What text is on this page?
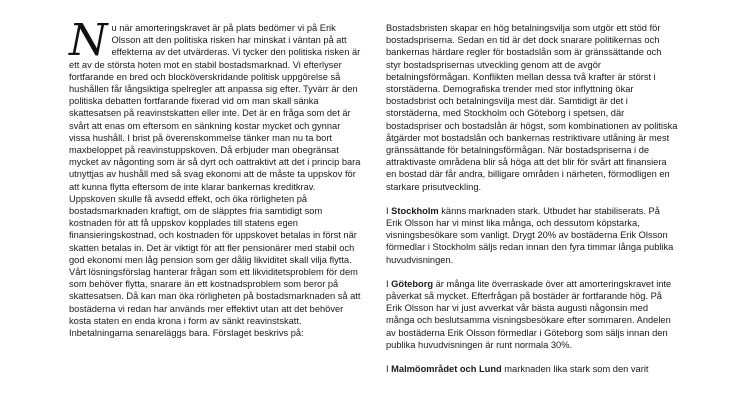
Nu när amorteringskravet är på plats bedömer vi på Erik Olsson att den politiska risken har minskat i väntan på att effekterna av det utvärderas. Vi tycker den politiska risken är ett av de största hoten mot en stabil bostadsmarknad. Vi efterlyser fortfarande en bred och blocköverskridande politisk uppgörelse så hushållen får långsiktiga spelregler att anpassa sig efter. Tyvärr är den politiska debatten fortfarande fixerad vid om man skall sänka skattesatsen på reavinstskatten eller inte. Det är en fråga som det är svårt att enas om eftersom en sänkning kostar mycket och gynnar vissa hushåll. I brist på överenskommelse tänker man nu ta bort maxbeloppet på reavinstuppskoven. Då erbjuder man obegränsat mycket av någonting som är så dyrt och oattraktivt att det i princip bara utnyttjas av hushåll med så svag ekonomi att de måste ta uppskov för att kunna flytta eftersom de inte klarar bankernas kreditkrav. Uppskoven skulle få avsedd effekt, och öka rörligheten på bostadsmarknaden kraftigt, om de släpptes fria samtidigt som kostnaden för att få uppskov kopplades till statens egen finansieringskostnad, och kostnaden för uppskovet betalas in först när skatten betalas in. Det är viktigt för att fler pensionärer med stabil och god ekonomi men låg pension som ger dålig likviditet skall vilja flytta. Vårt lösningsförslag hanterar frågan som ett likviditetsproblem för dem som behöver flytta, snarare än ett kostnadsproblem som beror på skattesatsen. Då kan man öka rörligheten på bostadsmarknaden så att bostäderna vi redan har används mer effektivt utan att det behöver kosta staten en enda krona i form av sänkt reavinstskatt. Inbetalningarna senareläggs bara. Förslaget beskrivs på:

Bostadsbristen skapar en hög betalningsvilja som utgör ett stöd för bostadspriserna. Sedan en tid är det dock snarare politikernas och bankernas härdare regler för bostadslån som är gränssättande och styr bostadsprisernas utveckling genom att de avgör betalningsförmågan. Konflikten mellan dessa två krafter är störst i storstäderna. Demografiska trender med stor inflyttning ökar bostadsbrist och betalningsvilja mest där. Samtidigt är det i storstäderna, med Stockholm och Göteborg i spetsen, där bostadspriser och bostadslån är högst, som kombinationen av politiska åtgärder mot bostadslån och bankernas restriktivare utlåning är mest gränssättande för betalningsförmågan. När bostadspriserna i de attraktivaste områdena blir så höga att det blir för svårt att finansiera en bostad där får andra, billigare områden i närheten, förmodligen en starkare prisutveckling.

I Stockholm känns marknaden stark. Utbudet har stabiliserats. På Erik Olsson har vi minst lika många, och dessutom köpstarka, visningsbesökare som vanligt. Drygt 20% av bostäderna Erik Olsson förmedlar i Stockholm säljs redan innan den fyra timmar långa publika huvudvisningen.

I Göteborg är många lite överraskade över att amorteringskravet inte påverkat så mycket. Efterfrågan på bostäder är fortfarande hög. På Erik Olsson har vi just avverkat vår bästa augusti någonsin med många och beslutsamma visningsbesökare efter sommaren. Andelen av bostäderna Erik Olsson förmedlar i Göteborg som säljs innan den publika huvudvisningen är runt normala 30%.

I Malmöområdet och Lund marknaden lika stark som den varit
